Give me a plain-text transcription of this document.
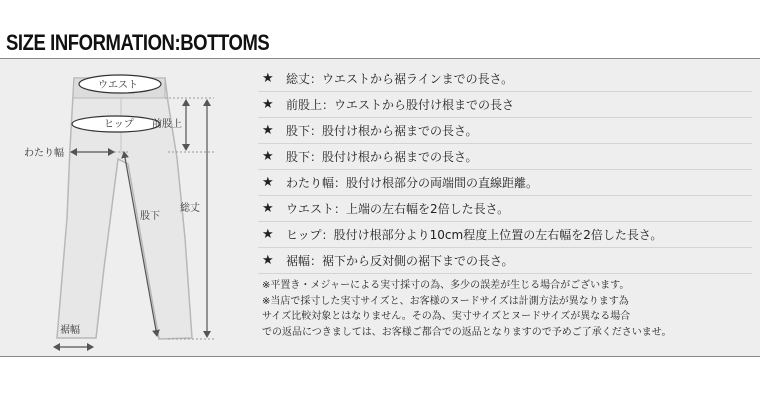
SIZE INFORMATION:BOTTOMS
ウエスト
ヒップ 前股上
総丈
わたり幅
股下
裾幅
★	総丈：ウエストから裾ラインまでの長さ。
★	前股上：ウエストから股付け根までの長さ
★	股下：股付け根から裾までの長さ。
★	股下：股付け根から裾までの長さ。
★	わたり幅：股付け根部分の両端間の直線距離。
★	ウエスト：上端の左右幅を2倍した長さ。
★	ヒップ：股付け根部分より10cm程度上位置の左右幅を2倍した長さ。
★	裾幅：裾下から反対側の裾下までの長さ。
※平置き・メジャーによる実寸採寸の為、多少の誤差が生じる場合がございます。
※当店で採寸した実寸サイズと、お客様のヌードサイズは計測方法が異なります為
サイズ比較対象とはなりません。その為、実寸サイズとヌードサイズが異なる場合
での返品につきましては、お客様ご都合での返品となりますので予めご了承くださいませ。
